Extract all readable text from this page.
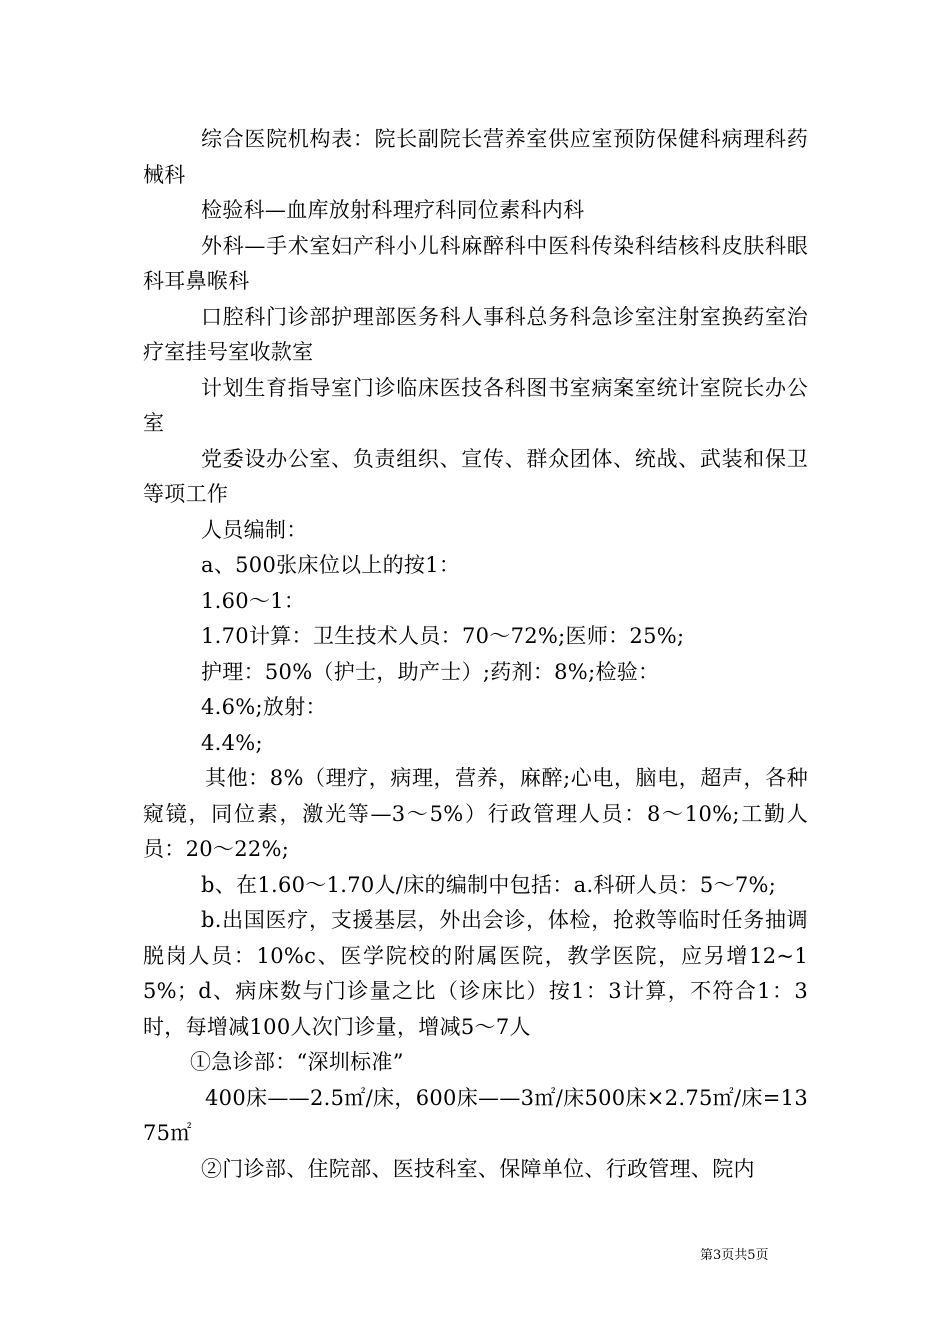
综合医院机构表：院长副院长营养室供应室预防保健科病理科药械科

检验科—血库放射科理疗科同位素科内科

外科—手术室妇产科小儿科麻醉科中医科传染科结核科皮肤科眼科耳鼻喉科

口腔科门诊部护理部医务科人事科总务科急诊室注射室换药室治疗室挂号室收款室

计划生育指导室门诊临床医技各科图书室病案室统计室院长办公室

党委设办公室、负责组织、宣传、群众团体、统战、武装和保卫等项工作

人员编制：

a、500张床位以上的按1：

1.60～1：

1.70计算：卫生技术人员：70～72%;医师：25%;

护理：50%（护士，助产士）;药剂：8%;检验：

4.6%;放射：

4.4%;

其他：8%（理疗，病理，营养，麻醉;心电，脑电，超声，各种窥镜，同位素，激光等—3～5%）行政管理人员：8～10%;工勤人员：20～22%;

b、在1.60～1.70人/床的编制中包括：a.科研人员：5～7%;

b.出国医疗，支援基层，外出会诊，体检，抢救等临时任务抽调脱岗人员：10%c、医学院校的附属医院，教学医院，应另增12~15%；d、病床数与门诊量之比（诊床比）按1：3计算，不符合1：3时，每增减100人次门诊量，增减5～7人

①急诊部：“深圳标准”

400床——2.5㎡/床，600床——3㎡/床500床×2.75㎡/床=1375㎡

②门诊部、住院部、医技科室、保障单位、行政管理、院内

第3页共5页
